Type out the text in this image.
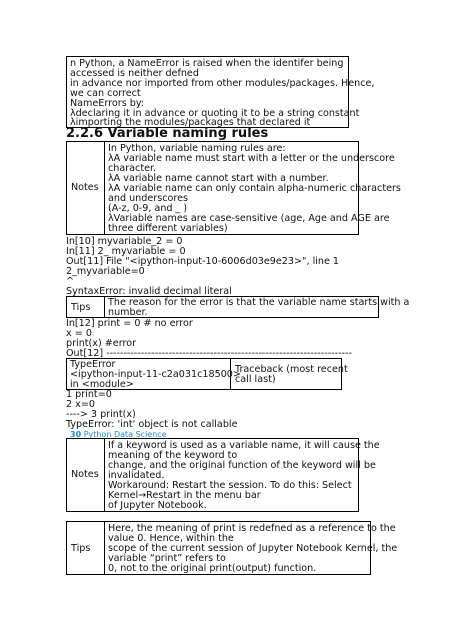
n Python, a NameError is raised when the identifer being
accessed is neither defned
in advance nor imported from other modules/packages. Hence,
we can correct
NameErrors by:
λdeclaring it in advance or quoting it to be a string constant
λimporting the modules/packages that declared it
2.2.6 Variable naming rules
Notes
In Python, variable naming rules are:
λA variable name must start with a letter or the underscore
character.
λA variable name cannot start with a number.
λA variable name can only contain alpha-numeric characters
and underscores
(A-z, 0-9, and _ )
λVariable names are case-sensitive (age, Age and AGE are
three different variables)
In[10] myvariable_2 = 0
In[11] 2_ myvariable = 0
Out[11] File "<ipython-input-10-6006d03e9e23>", line 1
2_myvariable=0
^
SyntaxError: invalid decimal literal
Tips The reason for the error is that the variable name starts with a
number.
In[12] print = 0 # no error
x = 0
print(x) #error
Out[12] -----------------------------------------------------------------------
TypeError
<ipython-input-11-c2a031c18500>
in <module>
Traceback (most recent
call last)
1 print=0
2 x=0
----> 3 print(x)
TypeError: 'int' object is not callable
30 Python Data Science
Notes
If a keyword is used as a variable name, it will cause the
meaning of the keyword to
change, and the original function of the keyword will be
invalidated.
Workaround: Restart the session. To do this: Select
Kernel→Restart in the menu bar
of Jupyter Notebook.
Tips
Here, the meaning of print is redefned as a reference to the
value 0. Hence, within the
scope of the current session of Jupyter Notebook Kernel, the
variable “print” refers to
0, not to the original print(output) function.
